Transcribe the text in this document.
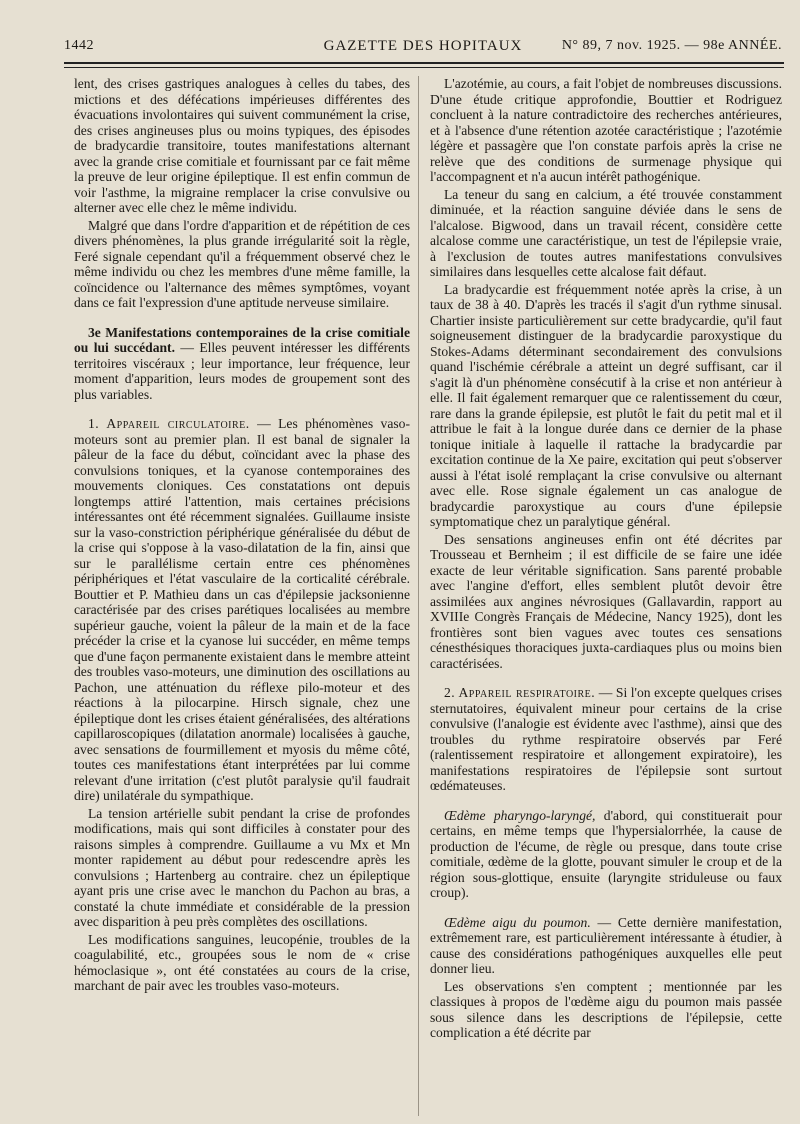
1442	GAZETTE DES HOPITAUX	N° 89, 7 nov. 1925. — 98e ANNÉE.

lent, des crises gastriques analogues à celles du tabes, des mictions et des défécations impérieuses différentes des évacuations involontaires qui suivent communément la crise, des crises angineuses plus ou moins typiques, des épisodes de bradycardie transitoire, toutes manifestations alternant avec la grande crise comitiale et fournissant par ce fait même la preuve de leur origine épileptique. Il est enfin commun de voir l'asthme, la migraine remplacer la crise convulsive ou alterner avec elle chez le même individu.

Malgré que dans l'ordre d'apparition et de répétition de ces divers phénomènes, la plus grande irrégularité soit la règle, Feré signale cependant qu'il a fréquemment observé chez le même individu ou chez les membres d'une même famille, la coïncidence ou l'alternance des mêmes symptômes, voyant dans ce fait l'expression d'une aptitude nerveuse similaire.

3e Manifestations contemporaines de la crise comitiale ou lui succédant. — Elles peuvent intéresser les différents territoires viscéraux ; leur importance, leur fréquence, leur moment d'apparition, leurs modes de groupement sont des plus variables.

1. Appareil circulatoire. — Les phénomènes vaso-moteurs sont au premier plan. Il est banal de signaler la pâleur de la face du début, coïncidant avec la phase des convulsions toniques, et la cyanose contemporaines des mouvements cloniques. Ces constatations ont depuis longtemps attiré l'attention, mais certaines précisions intéressantes ont été récemment signalées. Guillaume insiste sur la vaso-constriction périphérique généralisée du début de la crise qui s'oppose à la vaso-dilatation de la fin, ainsi que sur le parallélisme certain entre ces phénomènes périphériques et l'état vasculaire de la corticalité cérébrale. Bouttier et P. Mathieu dans un cas d'épilepsie jacksonienne caractérisée par des crises parétiques localisées au membre supérieur gauche, voient la pâleur de la main et de la face précéder la crise et la cyanose lui succéder, en même temps que d'une façon permanente existaient dans le membre atteint des troubles vaso-moteurs, une diminution des oscillations au Pachon, une atténuation du réflexe pilo-moteur et des réactions à la pilocarpine. Hirsch signale, chez une épileptique dont les crises étaient généralisées, des altérations capillaroscopiques (dilatation anormale) localisées à gauche, avec sensations de fourmillement et myosis du même côté, toutes ces manifestations étant interprétées par lui comme relevant d'une irritation (c'est plutôt paralysie qu'il faudrait dire) unilatérale du sympathique.

La tension artérielle subit pendant la crise de profondes modifications, mais qui sont difficiles à constater pour des raisons simples à comprendre. Guillaume a vu Mx et Mn monter rapidement au début pour redescendre après les convulsions ; Hartenberg au contraire. chez un épileptique ayant pris une crise avec le manchon du Pachon au bras, a constaté la chute immédiate et considérable de la pression avec disparition à peu près complètes des oscillations.

Les modifications sanguines, leucopénie, troubles de la coagulabilité, etc., groupées sous le nom de « crise hémoclasique », ont été constatées au cours de la crise, marchant de pair avec les troubles vaso-moteurs.

L'azotémie, au cours, a fait l'objet de nombreuses discussions. D'une étude critique approfondie, Bouttier et Rodriguez concluent à la nature contradictoire des recherches antérieures, et à l'absence d'une rétention azotée caractéristique ; l'azotémie légère et passagère que l'on constate parfois après la crise ne relève que des conditions de surmenage physique qui l'accompagnent et n'a aucun intérêt pathogénique.

La teneur du sang en calcium, a été trouvée constamment diminuée, et la réaction sanguine déviée dans le sens de l'alcalose. Bigwood, dans un travail récent, considère cette alcalose comme une caractéristique, un test de l'épilepsie vraie, à l'exclusion de toutes autres manifestations convulsives similaires dans lesquelles cette alcalose fait défaut.

La bradycardie est fréquemment notée après la crise, à un taux de 38 à 40. D'après les tracés il s'agit d'un rythme sinusal. Chartier insiste particulièrement sur cette bradycardie, qu'il faut soigneusement distinguer de la bradycardie paroxystique du Stokes-Adams déterminant secondairement des convulsions quand l'ischémie cérébrale a atteint un degré suffisant, car il s'agit là d'un phénomène consécutif à la crise et non antérieur à elle. Il fait également remarquer que ce ralentissement du cœur, rare dans la grande épilepsie, est plutôt le fait du petit mal et il attribue le fait à la longue durée dans ce dernier de la phase tonique initiale à laquelle il rattache la bradycardie par excitation continue de la Xe paire, excitation qui peut s'observer aussi à l'état isolé remplaçant la crise convulsive ou alternant avec elle. Rose signale également un cas analogue de bradycardie paroxystique au cours d'une épilepsie symptomatique chez un paralytique général.

Des sensations angineuses enfin ont été décrites par Trousseau et Bernheim ; il est difficile de se faire une idée exacte de leur véritable signification. Sans parenté probable avec l'angine d'effort, elles semblent plutôt devoir être assimilées aux angines névrosiques (Gallavardin, rapport au XVIIIe Congrès Français de Médecine, Nancy 1925), dont les frontières sont bien vagues avec toutes ces sensations cénesthésiques thoraciques juxta-cardiaques plus ou moins bien caractérisées.

2. Appareil respiratoire. — Si l'on excepte quelques crises sternutatoires, équivalent mineur pour certains de la crise convulsive (l'analogie est évidente avec l'asthme), ainsi que des troubles du rythme respiratoire observés par Feré (ralentissement respiratoire et allongement expiratoire), les manifestations respiratoires de l'épilepsie sont surtout œdémateuses.

Œdème pharyngo-laryngé, d'abord, qui constituerait pour certains, en même temps que l'hypersialorrhée, la cause de production de l'écume, de règle ou presque, dans toute crise comitiale, œdème de la glotte, pouvant simuler le croup et de la région sous-glottique, ensuite (laryngite striduleuse ou faux croup).

Œdème aigu du poumon. — Cette dernière manifestation, extrêmement rare, est particulièrement intéressante à étudier, à cause des considérations pathogéniques auxquelles elle peut donner lieu.

Les observations s'en comptent ; mentionnée par les classiques à propos de l'œdème aigu du poumon mais passée sous silence dans les descriptions de l'épilepsie, cette complication a été décrite par
